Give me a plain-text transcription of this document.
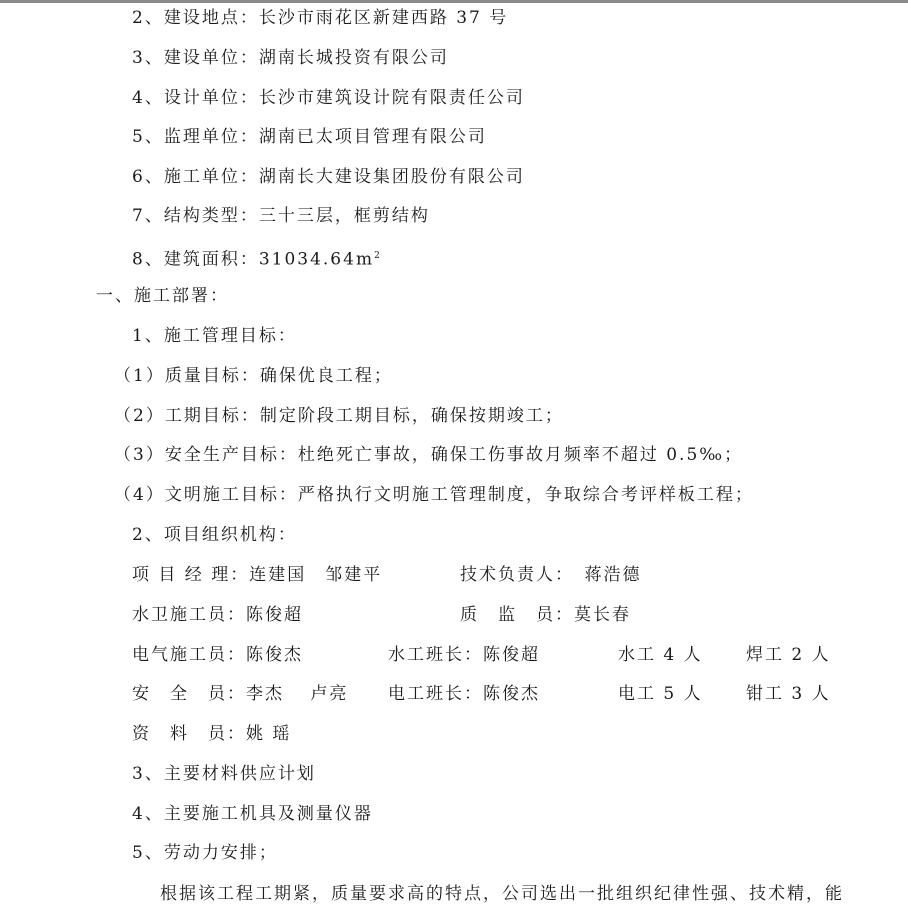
2、建设地点：长沙市雨花区新建西路 37 号
3、建设单位：湖南长城投资有限公司
4、设计单位：长沙市建筑设计院有限责任公司
5、监理单位：湖南已太项目管理有限公司
6、施工单位：湖南长大建设集团股份有限公司
7、结构类型：三十三层，框剪结构
8、建筑面积：$31034.64m^2$
一、施工部署：
1、施工管理目标：
（1）质量目标：确保优良工程；
（2）工期目标：制定阶段工期目标，确保按期竣工；
（3）安全生产目标：杜绝死亡事故，确保工伤事故月频率不超过 0.5‰；
（4）文明施工目标：严格执行文明施工管理制度，争取综合考评样板工程；
2、项目组织机构：
项 目 经 理：连建国　邹建平	技术负责人：　蒋浩德
水卫施工员：陈俊超	质　监　员：莫长春
电气施工员：陈俊杰	水工班长：陈俊超	水工 4 人	焊工 2 人
安　全　员：李杰　 卢亮 电工班长：陈俊杰	电工 5 人	钳工 3 人
资　料　员：姚 瑶
3、主要材料供应计划
4、主要施工机具及测量仪器
5、劳动力安排；
根据该工程工期紧，质量要求高的特点，公司选出一批组织纪律性强、技术精，能
